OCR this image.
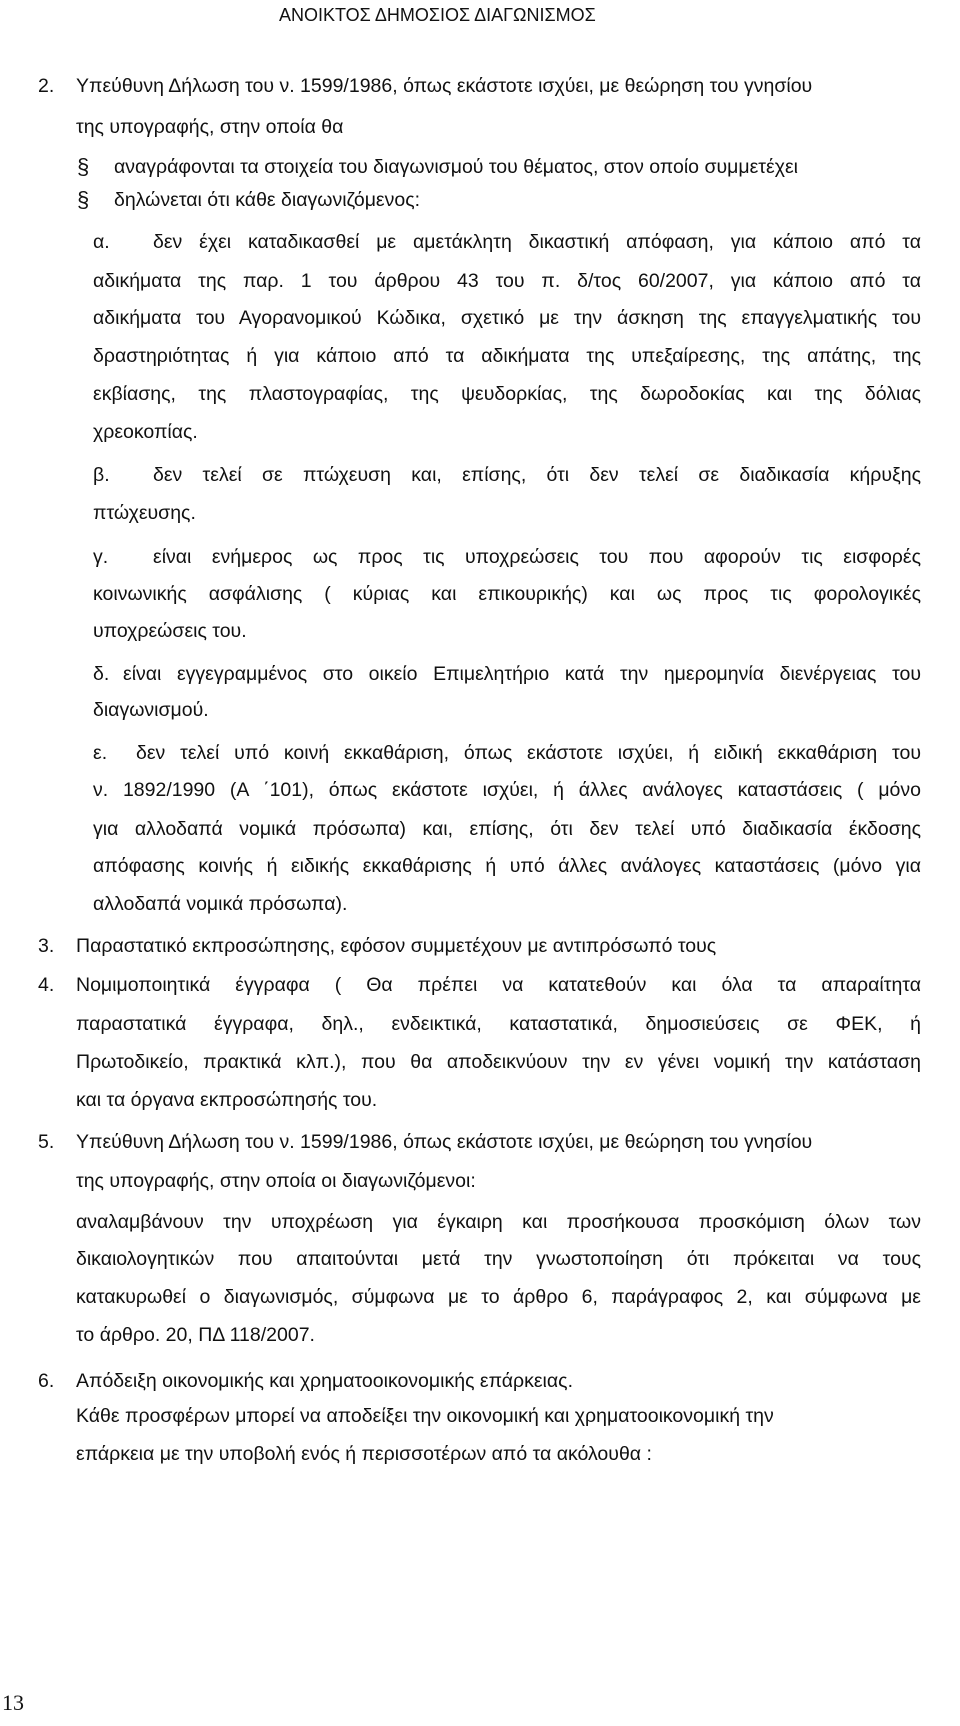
ΑΝΟΙΚΤΟΣ ΔΗΜΟΣΙΟΣ ΔΙΑΓΩΝΙΣΜΟΣ
2. Υπεύθυνη Δήλωση του ν. 1599/1986, όπως εκάστοτε ισχύει, με θεώρηση του γνησίου
της υπογραφής, στην οποία θα
§ αναγράφονται τα στοιχεία του διαγωνισμού του θέματος, στον οποίο συμμετέχει
§ δηλώνεται ότι κάθε διαγωνιζόμενος:
α. δεν έχει καταδικασθεί με αμετάκλητη δικαστική απόφαση, για κάποιο από τα
αδικήματα της παρ. 1 του άρθρου 43 του π. δ/τος 60/2007, για κάποιο από τα
αδικήματα του Αγορανομικού Κώδικα, σχετικό με την άσκηση της επαγγελματικής του
δραστηριότητας ή για κάποιο από τα αδικήματα της υπεξαίρεσης, της απάτης, της
εκβίασης, της πλαστογραφίας, της ψευδορκίας, της δωροδοκίας και της δόλιας
χρεοκοπίας.
β. δεν τελεί σε πτώχευση και, επίσης, ότι δεν τελεί σε διαδικασία κήρυξης
πτώχευσης.
γ. είναι ενήμερος ως προς τις υποχρεώσεις του που αφορούν τις εισφορές
κοινωνικής ασφάλισης ( κύριας και επικουρικής) και ως προς τις φορολογικές
υποχρεώσεις του.
δ. είναι εγγεγραμμένος στο οικείο Επιμελητήριο κατά την ημερομηνία διενέργειας του
διαγωνισμού.
ε. δεν τελεί υπό κοινή εκκαθάριση, όπως εκάστοτε ισχύει, ή ειδική εκκαθάριση του
ν. 1892/1990 (Α ΄101), όπως εκάστοτε ισχύει, ή άλλες ανάλογες καταστάσεις ( μόνο
για αλλοδαπά νομικά πρόσωπα) και, επίσης, ότι δεν τελεί υπό διαδικασία έκδοσης
απόφασης κοινής ή ειδικής εκκαθάρισης ή υπό άλλες ανάλογες καταστάσεις (μόνο για
αλλοδαπά νομικά πρόσωπα).
3. Παραστατικό εκπροσώπησης, εφόσον συμμετέχουν με αντιπρόσωπό τους
4. Νομιμοποιητικά έγγραφα ( Θα πρέπει να κατατεθούν και όλα τα απαραίτητα
παραστατικά έγγραφα, δηλ., ενδεικτικά, καταστατικά, δημοσιεύσεις σε ΦΕΚ, ή
Πρωτοδικείο, πρακτικά κλπ.), που θα αποδεικνύουν την εν γένει νομική την κατάσταση
και τα όργανα εκπροσώπησής του.
5. Υπεύθυνη Δήλωση του ν. 1599/1986, όπως εκάστοτε ισχύει, με θεώρηση του γνησίου
της υπογραφής, στην οποία οι διαγωνιζόμενοι:
αναλαμβάνουν την υποχρέωση για έγκαιρη και προσήκουσα προσκόμιση όλων των
δικαιολογητικών που απαιτούνται μετά την γνωστοποίηση ότι πρόκειται να τους
κατακυρωθεί ο διαγωνισμός, σύμφωνα με το άρθρο 6, παράγραφος 2, και σύμφωνα με
το άρθρο. 20, ΠΔ 118/2007.
6. Απόδειξη οικονομικής και χρηματοοικονομικής επάρκειας.
Κάθε προσφέρων μπορεί να αποδείξει την οικονομική και χρηματοοικονομική την
επάρκεια με την υποβολή ενός ή περισσοτέρων από τα ακόλουθα :
13
